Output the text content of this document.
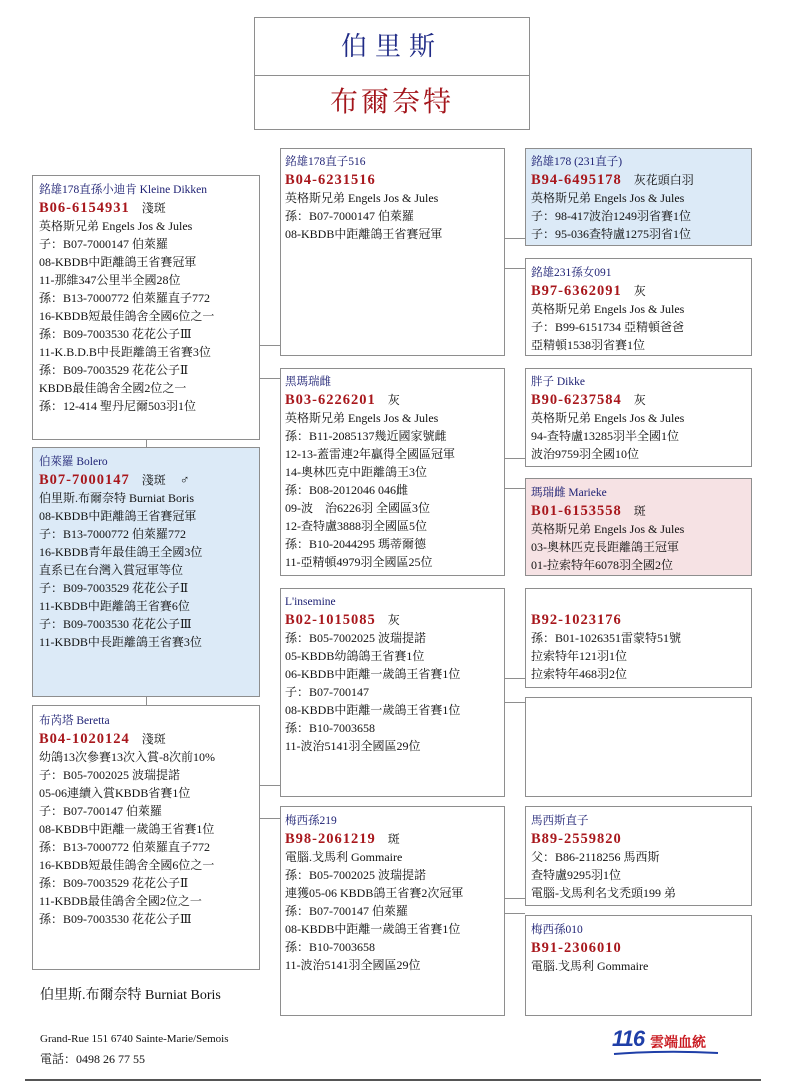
伯里斯
布爾奈特
銘雄178直孫小迪肯 Kleine Dikken
B06-6154931 淺斑
英格斯兄弟 Engels Jos & Jules
子：B07-7000147 伯萊羅
08-KBDB中距離鴿王省賽冠軍
11-那維347公里半全國28位
孫：B13-7000772 伯萊羅直子772
16-KBDB短最佳鴿舍全國6位之一
孫：B09-7003530 花花公子Ⅲ
11-K.B.D.B中長距離鴿王省賽3位
孫：B09-7003529 花花公子Ⅱ
KBDB最佳鴿舍全國2位之一
孫：12-414 聖丹尼爾503羽1位
伯萊羅 Bolero
B07-7000147 淺斑 ♂
伯里斯.布爾奈特 Burniat Boris
08-KBDB中距離鴿王省賽冠軍
子：B13-7000772 伯萊羅772
16-KBDB青年最佳鴿王全國3位
直系已在台灣入賞冠軍等位
子：B09-7003529 花花公子Ⅱ
11-KBDB中距離鴿王省賽6位
子：B09-7003530 花花公子Ⅲ
11-KBDB中長距離鴿王省賽3位
布芮塔 Beretta
B04-1020124 淺斑
幼鴿13次參賽13次入賞-8次前10%
子：B05-7002025 波瑞提諾
05-06連續入賞KBDB省賽1位
子：B07-700147 伯萊羅
08-KBDB中距離一歲鴿王省賽1位
孫：B13-7000772 伯萊羅直子772
16-KBDB短最佳鴿舍全國6位之一
孫：B09-7003529 花花公子Ⅱ
11-KBDB最佳鴿舍全國2位之一
孫：B09-7003530 花花公子Ⅲ
銘雄178直子516
B04-6231516
英格斯兄弟 Engels Jos & Jules
孫：B07-7000147 伯萊羅
08-KBDB中距離鴿王省賽冠軍
黑瑪瑞雌
B03-6226201 灰
英格斯兄弟 Engels Jos & Jules
孫：B11-2085137幾近國家號雌
12-13-蓋雷連2年贏得全國區冠軍
14-奧林匹克中距離鴿王3位
孫：B08-2012046 046雌
09-波　治6226羽 全國區3位
12-查特盧3888羽全國區5位
孫：B10-2044295 瑪蒂爾德
11-亞精頓4979羽全國區25位
L'insemine
B02-1015085 灰
孫：B05-7002025 波瑞提諾
05-KBDB幼鴿鴿王省賽1位
06-KBDB中距離一歲鴿王省賽1位
子：B07-700147
08-KBDB中距離一歲鴿王省賽1位
孫：B10-7003658
11-波治5141羽全國區29位
梅西孫219
B98-2061219 斑
電腦.戈馬利 Gommaire
孫：B05-7002025 波瑞提諾
連獲05-06 KBDB鴿王省賽2次冠軍
孫：B07-700147 伯萊羅
08-KBDB中距離一歲鴿王省賽1位
孫：B10-7003658
11-波治5141羽全國區29位
銘雄178 (231直子)
B94-6495178 灰花頭白羽
英格斯兄弟 Engels Jos & Jules
子：98-417波治1249羽省賽1位
子：95-036查特盧1275羽省1位
銘雄231孫女091
B97-6362091 灰
英格斯兄弟 Engels Jos & Jules
子：B99-6151734 亞精頓爸爸
亞精頓1538羽省賽1位
胖子 Dikke
B90-6237584 灰
英格斯兄弟 Engels Jos & Jules
94-查特盧13285羽半全國1位
波治9759羽全國10位
瑪瑞雌 Marieke
B01-6153558 斑
英格斯兄弟 Engels Jos & Jules
03-奧林匹克長距離鴿王冠軍
01-拉索特年6078羽全國2位
B92-1023176
孫：B01-1026351雷蒙特51號
拉索特年121羽1位
拉索特年468羽2位
馬西斯直子
B89-2559820
父：B86-2118256 馬西斯
查特盧9295羽1位
電腦-戈馬利名戈禿頭199 弟
梅西孫010
B91-2306010
電腦.戈馬利 Gommaire
伯里斯.布爾奈特 Burniat Boris
Grand-Rue 151 6740 Sainte-Marie/Semois
電話：0498 26 77 55
116 雲端血統
